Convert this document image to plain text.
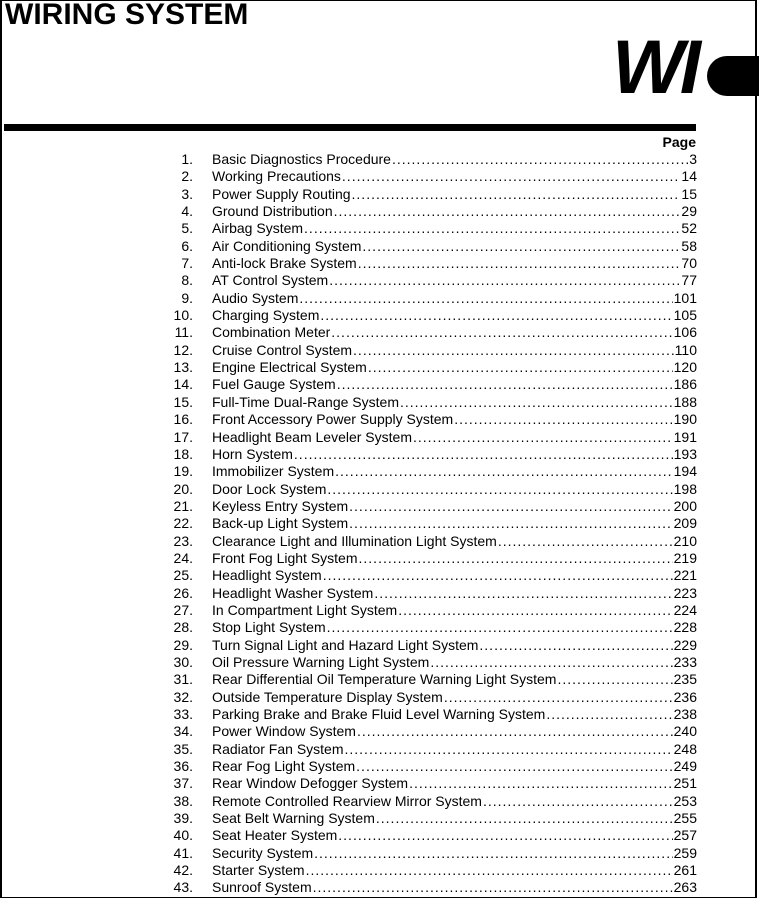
WIRING SYSTEM
WI
Page
1. Basic Diagnostics Procedure .....	3
2. Working Precautions .....	14
3. Power Supply Routing .....	15
4. Ground Distribution .....	29
5. Airbag System .....	52
6. Air Conditioning System .....	58
7. Anti-lock Brake System .....	70
8. AT Control System .....	77
9. Audio System .....	101
10. Charging System .....	105
11. Combination Meter .....	106
12. Cruise Control System .....	110
13. Engine Electrical System .....	120
14. Fuel Gauge System .....	186
15. Full-Time Dual-Range System .....	188
16. Front Accessory Power Supply System .....	190
17. Headlight Beam Leveler System .....	191
18. Horn System .....	193
19. Immobilizer System .....	194
20. Door Lock System .....	198
21. Keyless Entry System .....	200
22. Back-up Light System .....	209
23. Clearance Light and Illumination Light System .....	210
24. Front Fog Light System .....	219
25. Headlight System .....	221
26. Headlight Washer System .....	223
27. In Compartment Light System .....	224
28. Stop Light System .....	228
29. Turn Signal Light and Hazard Light System .....	229
30. Oil Pressure Warning Light System .....	233
31. Rear Differential Oil Temperature Warning Light System .....	235
32. Outside Temperature Display System .....	236
33. Parking Brake and Brake Fluid Level Warning System .....	238
34. Power Window System .....	240
35. Radiator Fan System .....	248
36. Rear Fog Light System .....	249
37. Rear Window Defogger System .....	251
38. Remote Controlled Rearview Mirror System .....	253
39. Seat Belt Warning System .....	255
40. Seat Heater System .....	257
41. Security System .....	259
42. Starter System .....	261
43. Sunroof System .....	263
